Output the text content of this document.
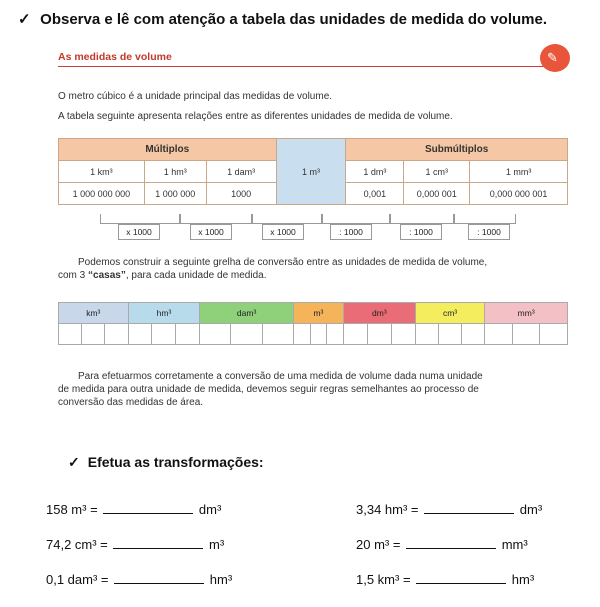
✓ Observa e lê com atenção a tabela das unidades de medida do volume.
As medidas de volume	✎
O metro cúbico é a unidade principal das medidas de volume.
A tabela seguinte apresenta relações entre as diferentes unidades de medida de volume.
Múltiplos			1 m³	Submúltiplos		
1 km³	1 hm³	1 dam³		1 dm³	1 cm³	1 mm³
1 000 000 000	1 000 000	1000		0,001	0,000 001	0,000 000 001
x 1000	x 1000	x 1000	: 1000	: 1000	: 1000
Podemos construir a seguinte grelha de conversão entre as unidades de medida de volume,
com 3 “casas”, para cada unidade de medida.
km³			hm³			dam³			m³			dm³			cm³			mm³		

Para efetuarmos corretamente a conversão de uma medida de volume dada numa unidade
de medida para outra unidade de medida, devemos seguir regras semelhantes ao processo de
conversão das medidas de área.
✓ Efetua as transformações:
158 m³ =	dm³	3,34 hm³ =	dm³
74,2 cm³ =	m³	20 m³ =	mm³
0,1 dam³ =	hm³	1,5 km³ =	hm³
